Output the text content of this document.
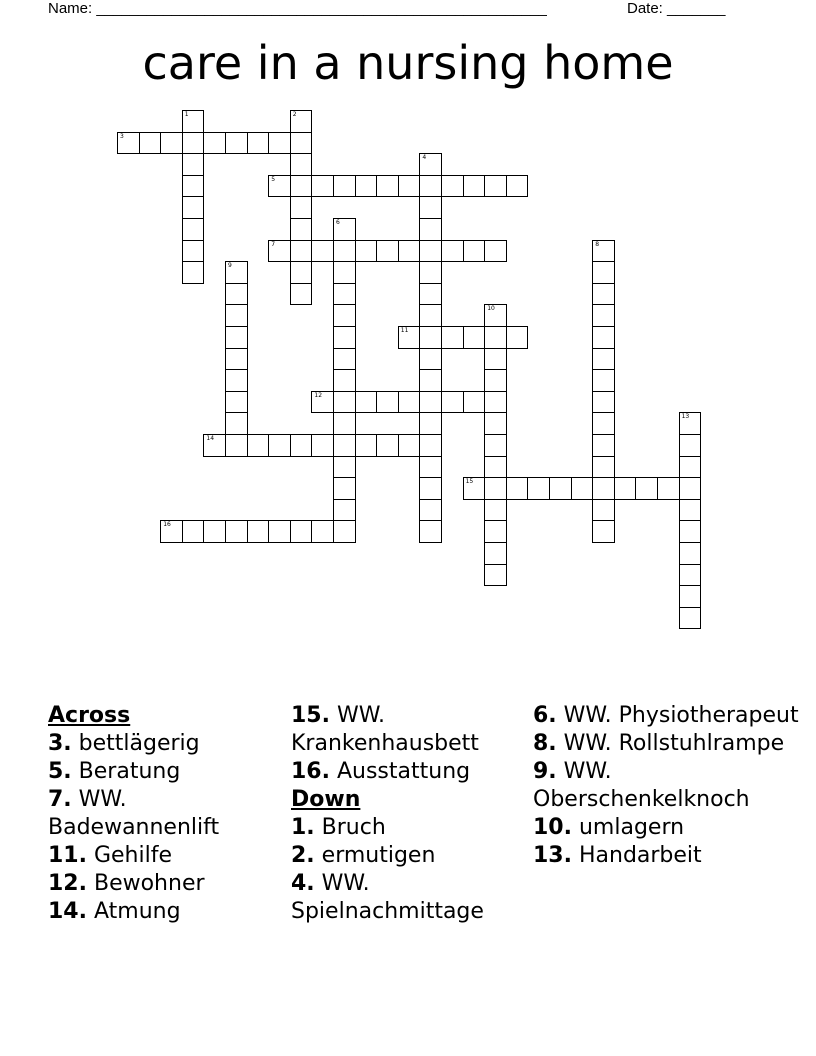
Name: ______________________________________________________	Date: _______
care in a nursing home
3
5
7
11
12
14
15
16
1	2
4
6
8
9
10
13
Across
3. bettlägerig
5. Beratung
7. WW. Badewannenlift
11. Gehilfe
12. Bewohner
14. Atmung
15. WW. Krankenhausbett
16. Ausstattung
Down
1. Bruch
2. ermutigen
4. WW. Spielnachmittage
6. WW. Physiotherapeut
8. WW. Rollstuhlrampe
9. WW. Oberschenkelknoch
10. umlagern
13. Handarbeit
